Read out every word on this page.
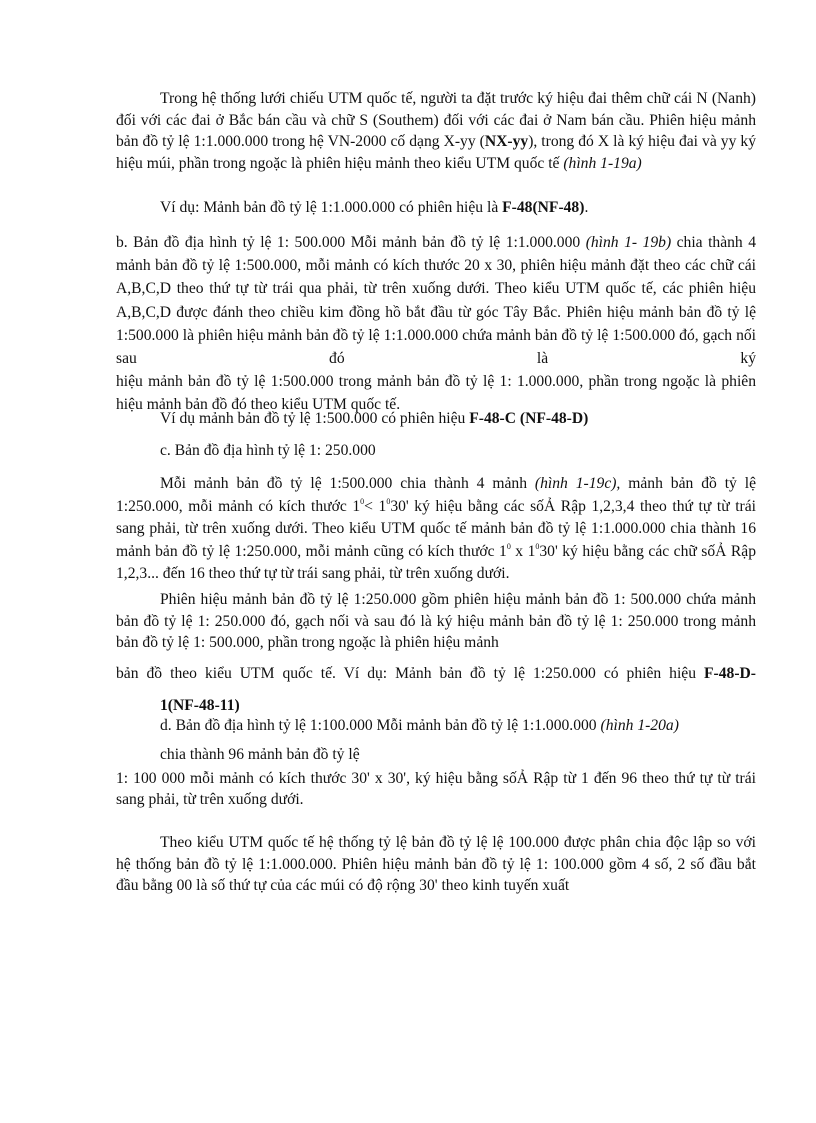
Trong hệ thống lưới chiếu UTM quốc tế, người ta đặt trước ký hiệu đai thêm chữ cái N (Nanh) đối với các đai ở Bắc bán cầu và chữ S (Southem) đối với các đai ở Nam bán cầu. Phiên hiệu mảnh bản đồ tỷ lệ 1:1.000.000 trong hệ VN-2000 cố dạng X-yy (NX-yy), trong đó X là ký hiệu đai và yy ký hiệu múi, phần trong ngoặc là phiên hiệu mảnh theo kiểu UTM quốc tế (hình 1-19a)
Ví dụ: Mảnh bản đồ tỷ lệ 1:1.000.000 có phiên hiệu là F-48(NF-48).
b. Bản đồ địa hình tỷ lệ 1: 500.000 Mỗi mảnh bản đồ tỷ lệ 1:1.000.000 (hình 1- 19b) chia thành 4 mảnh bản đồ tỷ lệ 1:500.000, mỗi mảnh có kích thước 20 x 30, phiên hiệu mảnh đặt theo các chữ cái A,B,C,D theo thứ tự từ trái qua phải, từ trên xuống dưới. Theo kiểu UTM quốc tế, các phiên hiệu A,B,C,D được đánh theo chiều kim đồng hồ bắt đầu từ góc Tây Bắc. Phiên hiệu mảnh bản đồ tỷ lệ 1:500.000 là phiên hiệu mảnh bản đồ tỷ lệ 1:1.000.000 chứa mảnh bản đồ tỷ lệ 1:500.000 đó, gạch nối sau đó là ký
hiệu mảnh bản đồ tỷ lệ 1:500.000 trong mảnh bản đồ tỷ lệ 1: 1.000.000, phần trong ngoặc là phiên hiệu mảnh bản đồ đó theo kiểu UTM quốc tế.
Ví dụ mảnh bản đồ tỷ lệ 1:500.000 có phiên hiệu F-48-C (NF-48-D)
c. Bản đồ địa hình tỷ lệ 1: 250.000
Mỗi mảnh bản đồ tỷ lệ 1:500.000 chia thành 4 mảnh (hình 1-19c), mảnh bản đồ tỷ lệ 1:250.000, mỗi mảnh có kích thước $1^0< 1^030'$ ký hiệu bằng các sốẢ Rập 1,2,3,4 theo thứ tự từ trái sang phải, từ trên xuống dưới. Theo kiểu UTM quốc tế mảnh bản đồ tỷ lệ 1:1.000.000 chia thành 16 mảnh bản đồ tỷ lệ 1:250.000, mỗi mảnh cũng có kích thước $1^0$ x $1^030'$ ký hiệu bằng các chữ sốẢ Rập 1,2,3... đến 16 theo thứ tự từ trái sang phải, từ trên xuống dưới.
Phiên hiệu mảnh bản đồ tỷ lệ 1:250.000 gồm phiên hiệu mảnh bản đồ 1: 500.000 chứa mảnh bản đồ tỷ lệ 1: 250.000 đó, gạch nối và sau đó là ký hiệu mảnh bản đồ tỷ lệ 1: 250.000 trong mảnh bản đồ tỷ lệ 1: 500.000, phần trong ngoặc là phiên hiệu mảnh
bản đồ theo kiểu UTM quốc tế. Ví dụ: Mảnh bản đồ tỷ lệ 1:250.000 có phiên hiệu F-48-D-
1(NF-48-11)
d. Bản đồ địa hình tỷ lệ 1:100.000 Mỗi mảnh bản đồ tỷ lệ 1:1.000.000 (hình 1-20a)
chia thành 96 mảnh bản đồ tỷ lệ
1: 100 000 mỗi mảnh có kích thước 30' x 30', ký hiệu bằng sốẢ Rập từ 1 đến 96 theo thứ tự từ trái sang phải, từ trên xuống dưới.
Theo kiểu UTM quốc tế hệ thống tỷ lệ bản đồ tỷ lệ lệ 100.000 được phân chia độc lập so với hệ thống bản đồ tỷ lệ 1:1.000.000. Phiên hiệu mảnh bản đồ tỷ lệ 1: 100.000 gồm 4 số, 2 số đầu bắt đầu bằng 00 là số thứ tự của các múi có độ rộng 30' theo kinh tuyến xuất
